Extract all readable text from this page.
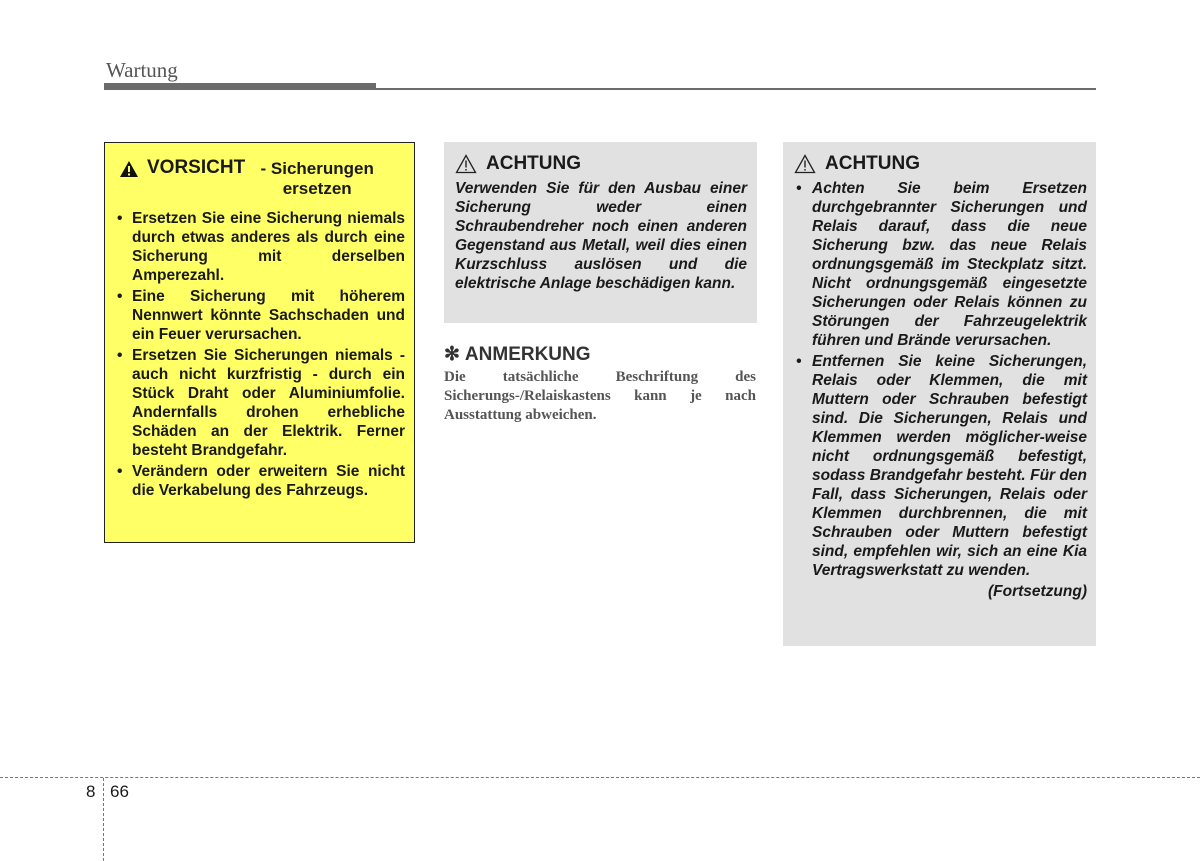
Wartung
VORSICHT - Sicherungen ersetzen
• Ersetzen Sie eine Sicherung niemals durch etwas anderes als durch eine Sicherung mit derselben Amperezahl.
• Eine Sicherung mit höherem Nennwert könnte Sachschaden und ein Feuer verursachen.
• Ersetzen Sie Sicherungen niemals - auch nicht kurzfristig - durch ein Stück Draht oder Aluminiumfolie. Andernfalls drohen erhebliche Schäden an der Elektrik. Ferner besteht Brandgefahr.
• Verändern oder erweitern Sie nicht die Verkabelung des Fahrzeugs.
ACHTUNG

Verwenden Sie für den Ausbau einer Sicherung weder einen Schraubendreher noch einen anderen Gegenstand aus Metall, weil dies einen Kurzschluss auslösen und die elektrische Anlage beschädigen kann.

✻ ANMERKUNG
Die tatsächliche Beschriftung des Sicherungs-/Relaiskastens kann je nach Ausstattung abweichen.
ACHTUNG
• Achten Sie beim Ersetzen durchgebrannter Sicherungen und Relais darauf, dass die neue Sicherung bzw. das neue Relais ordnungsgemäß im Steckplatz sitzt. Nicht ordnungsgemäß eingesetzte Sicherungen oder Relais können zu Störungen der Fahrzeugelektrik führen und Brände verursachen.
• Entfernen Sie keine Sicherungen, Relais oder Klemmen, die mit Muttern oder Schrauben befestigt sind. Die Sicherungen, Relais und Klemmen werden möglicher-weise nicht ordnungsgemäß befestigt, sodass Brandgefahr besteht. Für den Fall, dass Sicherungen, Relais oder Klemmen durchbrennen, die mit Schrauben oder Muttern befestigt sind, empfehlen wir, sich an eine Kia Vertragswerkstatt zu wenden.
(Fortsetzung)
8 66
